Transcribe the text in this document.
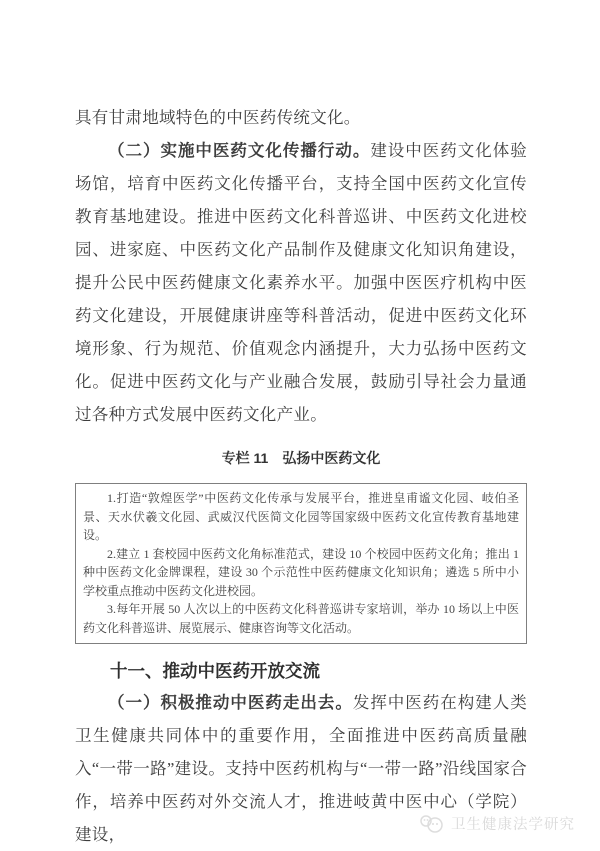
具有甘肃地域特色的中医药传统文化。

（二）实施中医药文化传播行动。建设中医药文化体验场馆，培育中医药文化传播平台，支持全国中医药文化宣传教育基地建设。推进中医药文化科普巡讲、中医药文化进校园、进家庭、中医药文化产品制作及健康文化知识角建设，提升公民中医药健康文化素养水平。加强中医医疗机构中医药文化建设，开展健康讲座等科普活动，促进中医药文化环境形象、行为规范、价值观念内涵提升，大力弘扬中医药文化。促进中医药文化与产业融合发展，鼓励引导社会力量通过各种方式发展中医药文化产业。

专栏 11　弘扬中医药文化

1.打造“敦煌医学”中医药文化传承与发展平台，推进皇甫谧文化园、岐伯圣景、天水伏羲文化园、武威汉代医简文化园等国家级中医药文化宣传教育基地建设。

2.建立 1 套校园中医药文化角标准范式，建设 10 个校园中医药文化角；推出 1 种中医药文化金牌课程，建设 30 个示范性中医药健康文化知识角；遴选 5 所中小学校重点推动中医药文化进校园。

3.每年开展 50 人次以上的中医药文化科普巡讲专家培训，举办 10 场以上中医药文化科普巡讲、展览展示、健康咨询等文化活动。

十一、推动中医药开放交流

（一）积极推动中医药走出去。发挥中医药在构建人类卫生健康共同体中的重要作用，全面推进中医药高质量融入“一带一路”建设。支持中医药机构与“一带一路”沿线国家合作，培养中医药对外交流人才，推进岐黄中医中心（学院）建设，

卫生健康法学研究
